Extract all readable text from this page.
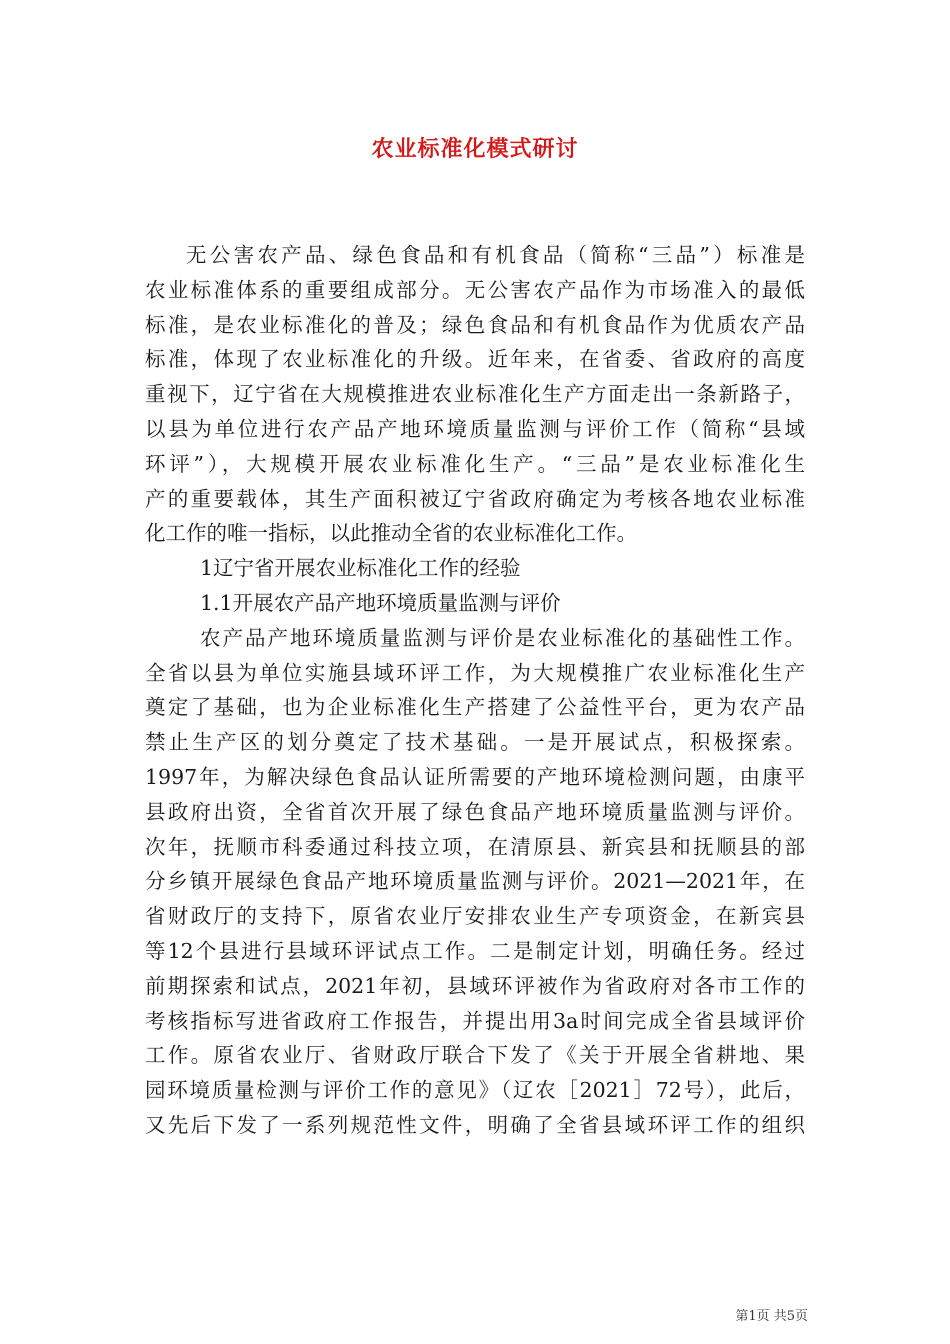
农业标准化模式研讨
无公害农产品、绿色食品和有机食品（简称“三品”）标准是
农业标准体系的重要组成部分。无公害农产品作为市场准入的最低
标准，是农业标准化的普及；绿色食品和有机食品作为优质农产品
标准，体现了农业标准化的升级。近年来，在省委、省政府的高度
重视下，辽宁省在大规模推进农业标准化生产方面走出一条新路子，
以县为单位进行农产品产地环境质量监测与评价工作（简称“县域
环评”），大规模开展农业标准化生产。“三品”是农业标准化生
产的重要载体，其生产面积被辽宁省政府确定为考核各地农业标准
化工作的唯一指标，以此推动全省的农业标准化工作。
1辽宁省开展农业标准化工作的经验
1.1开展农产品产地环境质量监测与评价
农产品产地环境质量监测与评价是农业标准化的基础性工作。
全省以县为单位实施县域环评工作，为大规模推广农业标准化生产
奠定了基础，也为企业标准化生产搭建了公益性平台，更为农产品
禁止生产区的划分奠定了技术基础。一是开展试点，积极探索。
1997年，为解决绿色食品认证所需要的产地环境检测问题，由康平
县政府出资，全省首次开展了绿色食品产地环境质量监测与评价。
次年，抚顺市科委通过科技立项，在清原县、新宾县和抚顺县的部
分乡镇开展绿色食品产地环境质量监测与评价。2021—2021年，在
省财政厅的支持下，原省农业厅安排农业生产专项资金，在新宾县
等12个县进行县域环评试点工作。二是制定计划，明确任务。经过
前期探索和试点，2021年初，县域环评被作为省政府对各市工作的
考核指标写进省政府工作报告，并提出用3a时间完成全省县域评价
工作。原省农业厅、省财政厅联合下发了《关于开展全省耕地、果
园环境质量检测与评价工作的意见》（辽农［2021］72号），此后，
又先后下发了一系列规范性文件，明确了全省县域环评工作的组织
第1页 共5页
